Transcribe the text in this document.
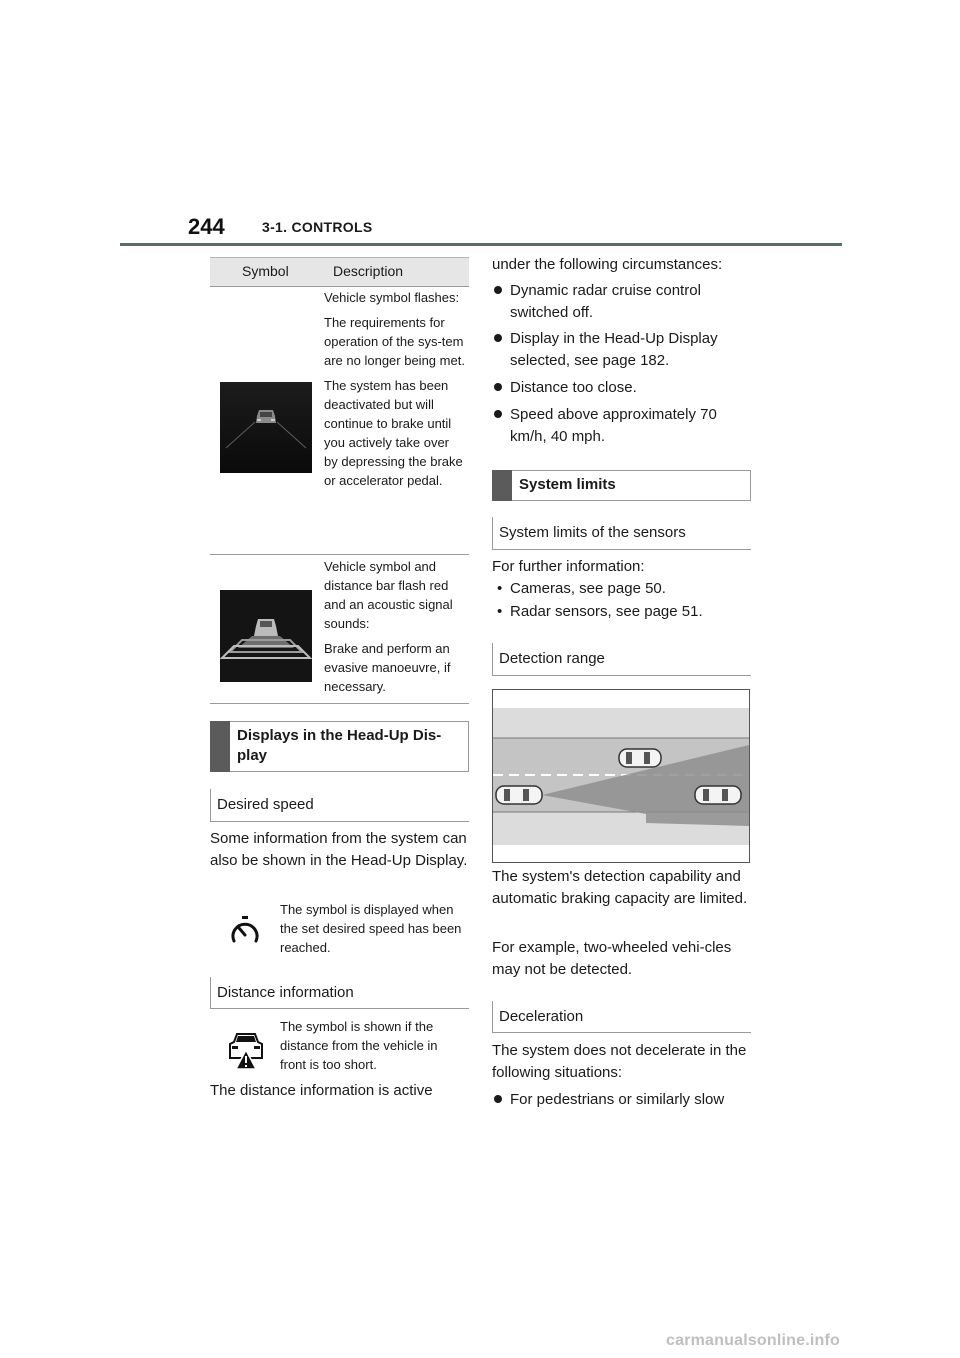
244	3-1. CONTROLS
Symbol	Description

Vehicle symbol flashes:

The requirements for operation of the sys-tem are no longer being met.

The system has been deactivated but will continue to brake until you actively take over by depressing the brake or accelerator pedal.

Vehicle symbol and distance bar flash red and an acoustic signal sounds:

Brake and perform an evasive manoeuvre, if necessary.

Displays in the Head-Up Dis-play
Desired speed
Some information from the system can also be shown in the Head-Up Display.
The symbol is displayed when the set desired speed has been reached.
Distance information
The symbol is shown if the distance from the vehicle in front is too short.
The distance information is active
under the following circumstances:
Dynamic radar cruise control switched off.
Display in the Head-Up Display selected, see page 182.
Distance too close.
Speed above approximately 70 km/h, 40 mph.
System limits
System limits of the sensors
For further information:
• Cameras, see page 50.
• Radar sensors, see page 51.
Detection range
The system's detection capability and automatic braking capacity are limited.
For example, two-wheeled vehi-cles may not be detected.
Deceleration
The system does not decelerate in the following situations:
For pedestrians or similarly slow
carmanualsonline.info
